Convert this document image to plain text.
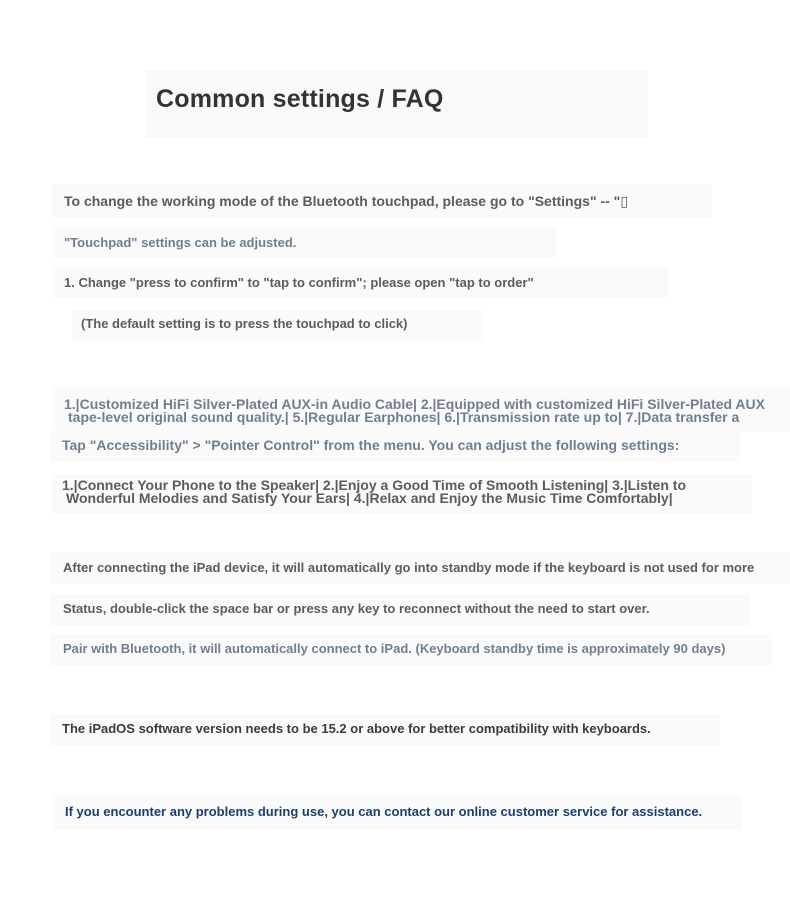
Common settings / FAQ

To change the working mode of the Bluetooth touchpad, please go to "Settings" -- "▯

"Touchpad" settings can be adjusted.

1. Change "press to confirm" to "tap to confirm"; please open "tap to order"

(The default setting is to press the touchpad to click)

1.|Customized HiFi Silver-Plated AUX-in Audio Cable| 2.|Equipped with customized HiFi Silver-Plated AUX
tape-level original sound quality.| 5.|Regular Earphones| 6.|Transmission rate up to| 7.|Data transfer a

Tap "Accessibility" > "Pointer Control" from the menu. You can adjust the following settings:

1.|Connect Your Phone to the Speaker| 2.|Enjoy a Good Time of Smooth Listening| 3.|Listen to
Wonderful Melodies and Satisfy Your Ears| 4.|Relax and Enjoy the Music Time Comfortably|

After connecting the iPad device, it will automatically go into standby mode if the keyboard is not used for more

Status, double-click the space bar or press any key to reconnect without the need to start over.

Pair with Bluetooth, it will automatically connect to iPad. (Keyboard standby time is approximately 90 days)

The iPadOS software version needs to be 15.2 or above for better compatibility with keyboards.

If you encounter any problems during use, you can contact our online customer service for assistance.
